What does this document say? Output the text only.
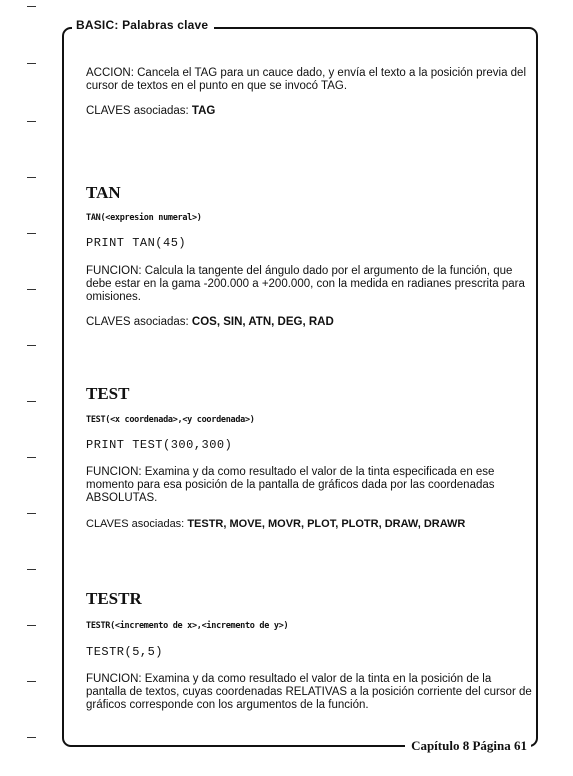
BASIC: Palabras clave
Capítulo 8 Página 61

ACCION: Cancela el TAG para un cauce dado, y envía el texto a la posición previa del cursor de textos en el punto en que se invocó TAG.

CLAVES asociadas: TAG
TAN
TAN(<expresion numeral>)
PRINT TAN(45)

FUNCION: Calcula la tangente del ángulo dado por el argumento de la función, que debe estar en la gama -200.000 a +200.000, con la medida en radianes prescrita para omisiones.

CLAVES asociadas: COS, SIN, ATN, DEG, RAD
TEST
TEST(<x coordenada>,<y coordenada>)
PRINT TEST(300,300)

FUNCION: Examina y da como resultado el valor de la tinta especificada en ese momento para esa posición de la pantalla de gráficos dada por las coordenadas ABSOLUTAS.

CLAVES asociadas: TESTR, MOVE, MOVR, PLOT, PLOTR, DRAW, DRAWR
TESTR
TESTR(<incremento de x>,<incremento de y>)
TESTR(5,5)

FUNCION: Examina y da como resultado el valor de la tinta en la posición de la pantalla de textos, cuyas coordenadas RELATIVAS a la posición corriente del cursor de gráficos corresponde con los argumentos de la función.
